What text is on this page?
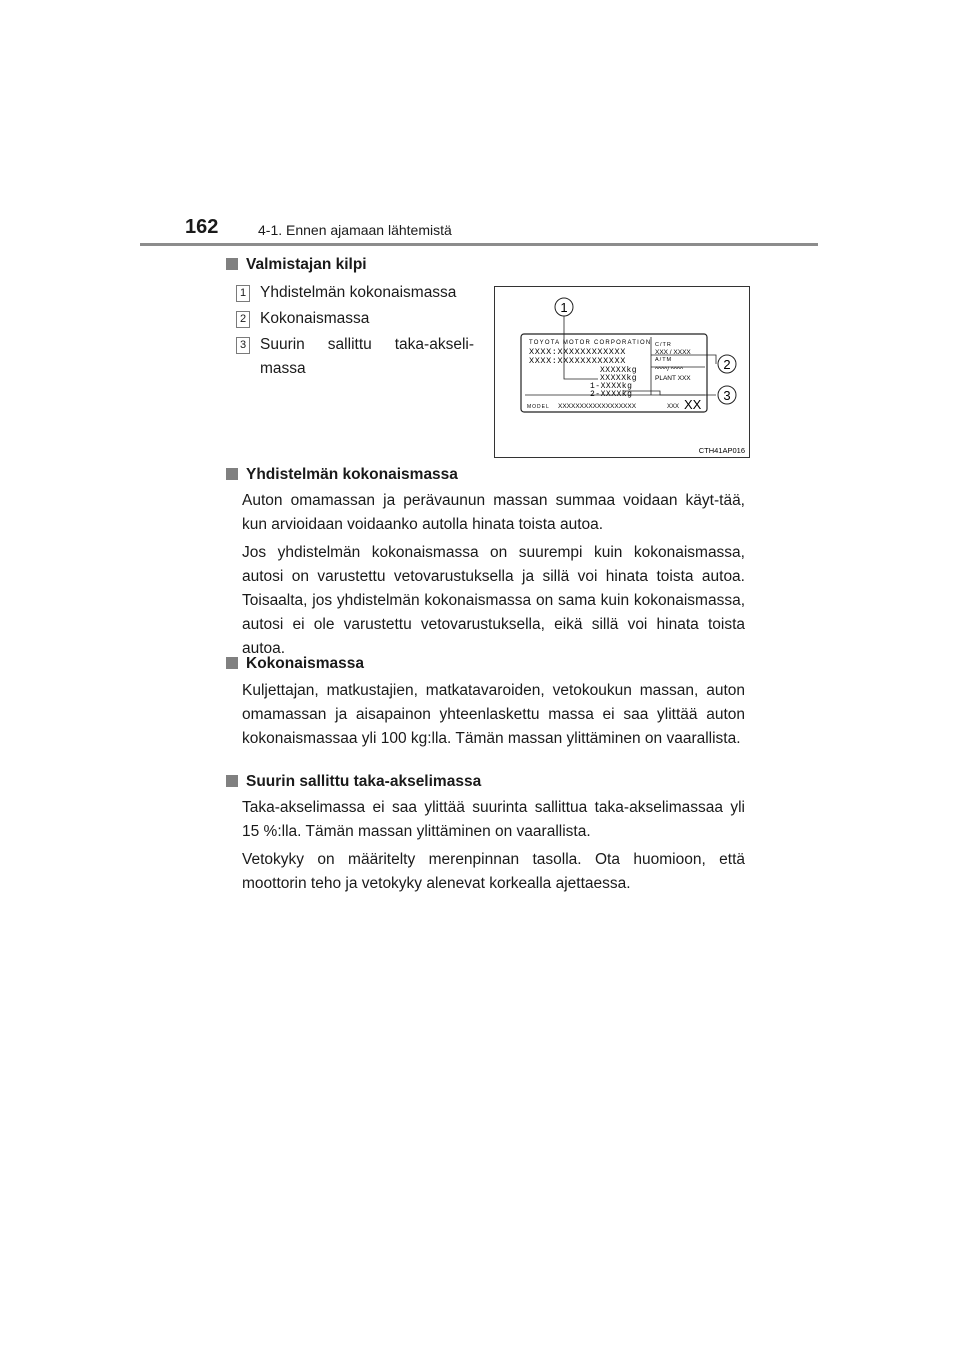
162	4-1. Ennen ajamaan lähtemistä
Valmistajan kilpi
1 Yhdistelmän kokonaismassa
2 Kokonaismassa
3 Suurin sallittu taka-akseli-massa
TOYOTA MOTOR CORPORATION
XXXX:XXXXXXXXXXXX
XXXX:XXXXXXXXXXXX
XXXXXkg
XXXXXkg
1-XXXXkg
2-XXXXkg
C/TR
XXX / XXXX
A/TM
^^^^/ ^^^^
PLANT XXX
MODEL XXXXXXXXXXXXXXXXXX	XXX XX
1
2
3
CTH41AP016
Yhdistelmän kokonaismassa
Auton omamassan ja perävaunun massan summaa voidaan käyt-tää, kun arvioidaan voidaanko autolla hinata toista autoa.
Jos yhdistelmän kokonaismassa on suurempi kuin kokonaismassa, autosi on varustettu vetovarustuksella ja sillä voi hinata toista autoa. Toisaalta, jos yhdistelmän kokonaismassa on sama kuin kokonaismassa, autosi ei ole varustettu vetovarustuksella, eikä sillä voi hinata toista autoa.
Kokonaismassa
Kuljettajan, matkustajien, matkatavaroiden, vetokoukun massan, auton omamassan ja aisapainon yhteenlaskettu massa ei saa ylittää auton kokonaismassaa yli 100 kg:lla. Tämän massan ylittäminen on vaarallista.
Suurin sallittu taka-akselimassa
Taka-akselimassa ei saa ylittää suurinta sallittua taka-akselimassaa yli 15 %:lla. Tämän massan ylittäminen on vaarallista.
Vetokyky on määritelty merenpinnan tasolla. Ota huomioon, että moottorin teho ja vetokyky alenevat korkealla ajettaessa.
